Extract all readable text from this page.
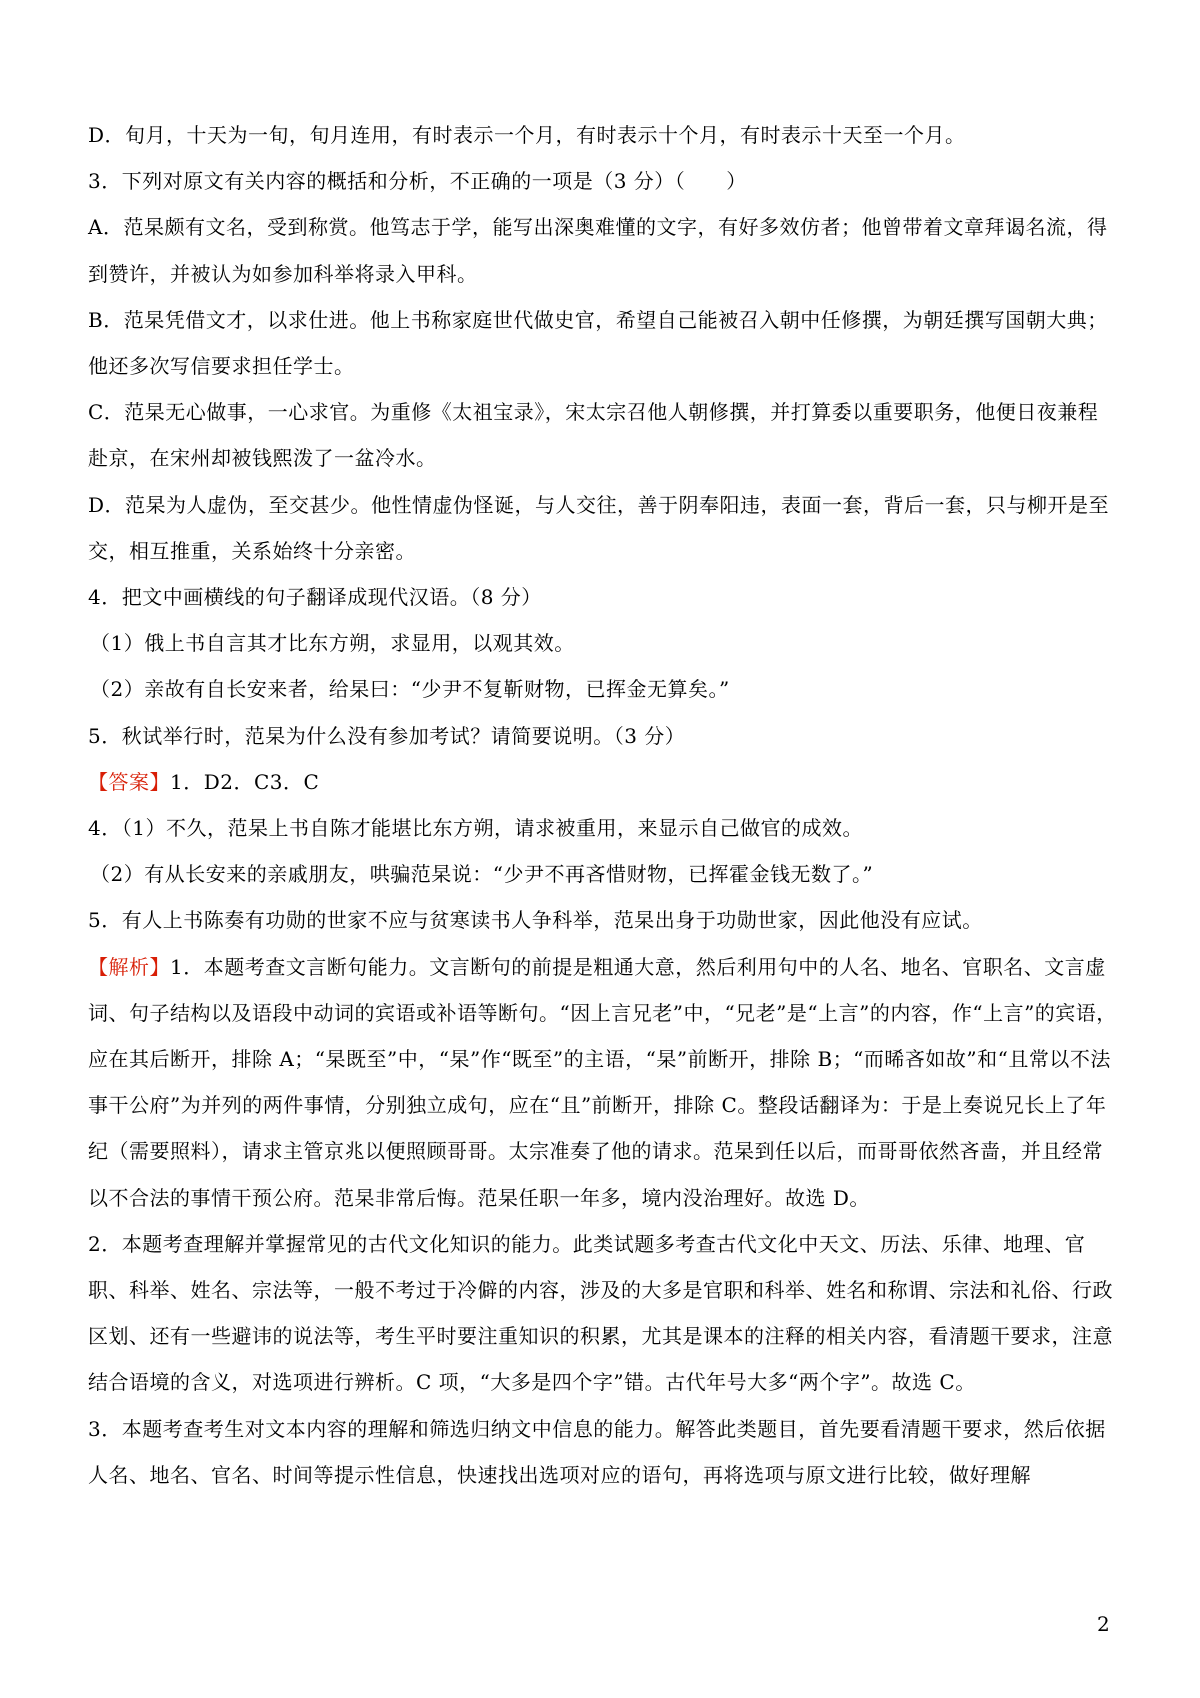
D．旬月，十天为一旬，旬月连用，有时表示一个月，有时表示十个月，有时表示十天至一个月。

3．下列对原文有关内容的概括和分析，不正确的一项是（3 分）（　　）

A．范杲颇有文名，受到称赏。他笃志于学，能写出深奥难懂的文字，有好多效仿者；他曾带着文章拜谒名流，得到赞许，并被认为如参加科举将录入甲科。

B．范杲凭借文才，以求仕进。他上书称家庭世代做史官，希望自己能被召入朝中任修撰，为朝廷撰写国朝大典；他还多次写信要求担任学士。

C．范杲无心做事，一心求官。为重修《太祖宝录》，宋太宗召他人朝修撰，并打算委以重要职务，他便日夜兼程赴京，在宋州却被钱熙泼了一盆冷水。

D．范杲为人虚伪，至交甚少。他性情虚伪怪诞，与人交往，善于阴奉阳违，表面一套，背后一套，只与柳开是至交，相互推重，关系始终十分亲密。

4．把文中画横线的句子翻译成现代汉语。（8 分）

（1）俄上书自言其才比东方朔，求显用，以观其效。

（2）亲故有自长安来者，给杲曰：“少尹不复靳财物，已挥金无算矣。”

5．秋试举行时，范杲为什么没有参加考试？请简要说明。（3 分）

【答案】1．D2．C3．C

4．（1）不久，范杲上书自陈才能堪比东方朔，请求被重用，来显示自己做官的成效。

（2）有从长安来的亲戚朋友，哄骗范杲说：“少尹不再吝惜财物，已挥霍金钱无数了。”

5．有人上书陈奏有功勋的世家不应与贫寒读书人争科举，范杲出身于功勋世家，因此他没有应试。

【解析】1．本题考查文言断句能力。文言断句的前提是粗通大意，然后利用句中的人名、地名、官职名、文言虚词、句子结构以及语段中动词的宾语或补语等断句。“因上言兄老”中，“兄老”是“上言”的内容，作“上言”的宾语，应在其后断开，排除 A；“杲既至”中，“杲”作“既至”的主语，“杲”前断开，排除 B；“而晞吝如故”和“且常以不法事干公府”为并列的两件事情，分别独立成句，应在“且”前断开，排除 C。整段话翻译为：于是上奏说兄长上了年纪（需要照料），请求主管京兆以便照顾哥哥。太宗准奏了他的请求。范杲到任以后，而哥哥依然吝啬，并且经常以不合法的事情干预公府。范杲非常后悔。范杲任职一年多，境内没治理好。故选 D。

2．本题考查理解并掌握常见的古代文化知识的能力。此类试题多考查古代文化中天文、历法、乐律、地理、官职、科举、姓名、宗法等，一般不考过于冷僻的内容，涉及的大多是官职和科举、姓名和称谓、宗法和礼俗、行政区划、还有一些避讳的说法等，考生平时要注重知识的积累，尤其是课本的注释的相关内容，看清题干要求，注意结合语境的含义，对选项进行辨析。C 项，“大多是四个字”错。古代年号大多“两个字”。故选 C。

3．本题考查考生对文本内容的理解和筛选归纳文中信息的能力。解答此类题目，首先要看清题干要求，然后依据人名、地名、官名、时间等提示性信息，快速找出选项对应的语句，再将选项与原文进行比较，做好理解

2
